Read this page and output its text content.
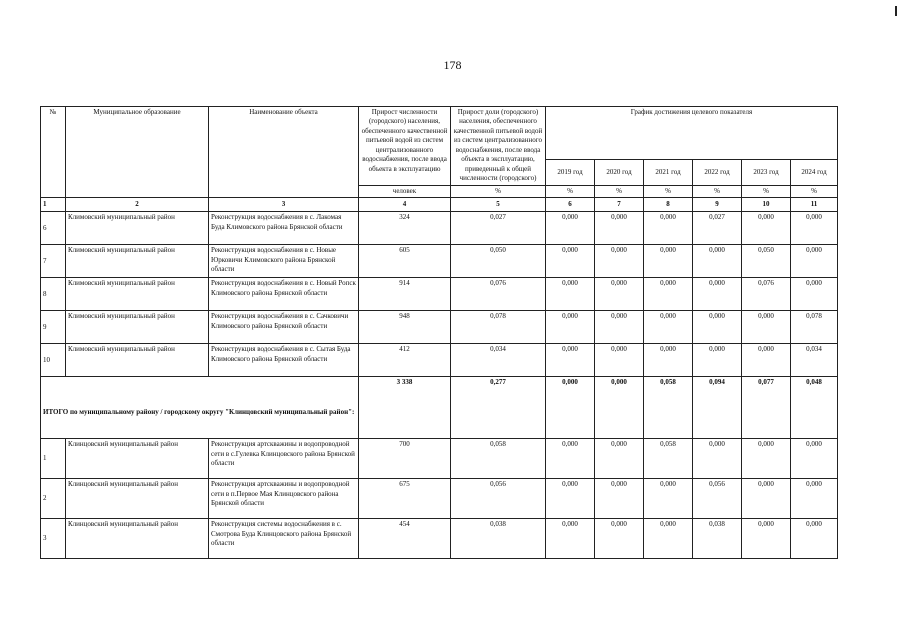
178
№	Муниципальное образование	Наименование объекта	Прирост численности (городского) населения, обеспеченного качественной питьевой водой из систем централизованного водоснабжения, после ввода объекта в эксплуатацию	Прирост доли (городского) населения, обеспеченного качественной питьевой водой из систем централизованного водоснабжения, после ввода объекта в эксплуатацию, приведенный к общей численности (городского)	График достижения целевого показателя					
					2019 год	2020 год	2021 год	2022 год	2023 год	2024 год
			человек	%	%	%	%	%	%	%
1	2	3	4	5	6	7	8	9	10	11
6	Климовский муниципальный район	Реконструкция водоснабжения в с. Лакомая Буда Климовского района Брянской области	324	0,027	0,000	0,000	0,000	0,027	0,000	0,000
7	Климовский муниципальный район	Реконструкция водоснабжения в с. Новые Юрковичи Климовского района Брянской области	605	0,050	0,000	0,000	0,000	0,000	0,050	0,000
8	Климовский муниципальный район	Реконструкция водоснабжения в с. Новый Ропск Климовского района Брянской области	914	0,076	0,000	0,000	0,000	0,000	0,076	0,000
9	Климовский муниципальный район	Реконструкция водоснабжения в с. Сачковичи Климовского района Брянской области	948	0,078	0,000	0,000	0,000	0,000	0,000	0,078
10	Климовский муниципальный район	Реконструкция водоснабжения в с. Сытая Буда Климовского района Брянской области	412	0,034	0,000	0,000	0,000	0,000	0,000	0,034
ИТОГО по муниципальному району / городскому округу "Клинцовский муниципальный район":			3 338	0,277	0,000	0,000	0,058	0,094	0,077	0,048
1	Клинцовский муниципальный район	Реконструкция артскважины и водопроводной сети в с.Гулевка Клинцовского района Брянской области	700	0,058	0,000	0,000	0,058	0,000	0,000	0,000
2	Клинцовский муниципальный район	Реконструкция артскважины и водопроводной сети в п.Первое Мая Клинцовского района Брянской области	675	0,056	0,000	0,000	0,000	0,056	0,000	0,000
3	Клинцовский муниципальный район	Реконструкция системы водоснабжения в с. Смотрова Буда Клинцовского района Брянской области	454	0,038	0,000	0,000	0,000	0,038	0,000	0,000
